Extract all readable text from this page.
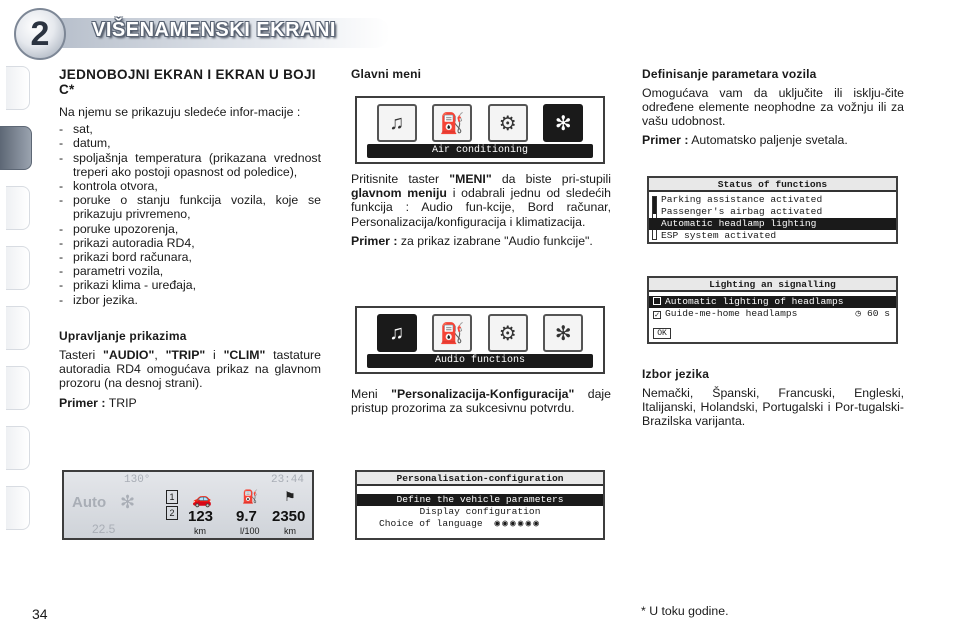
2	VIŠENAMENSKI EKRANI
JEDNOBOJNI EKRAN I EKRAN U BOJI C*
Na njemu se prikazuju sledeće infor-macije :
- sat,
- datum,
- spoljašnja temperatura (prikazana vrednost treperi ako postoji opasnost od poledice),
- kontrola otvora,
- poruke o stanju funkcija vozila, koje se prikazuju privremeno,
- poruke upozorenja,
- prikazi autoradia RD4,
- prikazi bord računara,
- parametri vozila,
- prikazi klima - uređaja,
- izbor jezika.
Upravljanje prikazima
Tasteri "AUDIO", "TRIP" i "CLIM" tastature autoradia RD4 omogućava prikaz na glavnom prozoru (na desnoj strani).
Primer : TRIP
130°
Auto ✻
22.5
23:44
1
2
🚗 ⛽ ⚑
123 9.7 2350
km	l/100	km
Glavni meni
♫	⛽	⚙	✻
Air conditioning
Pritisnite taster "MENI" da biste pri-stupili glavnom meniju i odabrali jednu od sledećih funkcija : Audio fun-kcije, Bord računar, Personalizacija/konfiguracija i klimatizacija.
Primer : za prikaz izabrane "Audio funkcije".
♫	⛽	⚙	✻
Audio functions
Meni "Personalizacija-Konfiguracija" daje pristup prozorima za sukcesivnu potvrdu.
Personalisation-configuration
Define the vehicle parameters
Display configuration
Choice of language ◉◉◉◉◉◉
Definisanje parametara vozila
Omogućava vam da uključite ili isklju-čite određene elemente neophodne za vožnju ili za vašu udobnost.
Primer : Automatsko paljenje svetala.
Status of functions
Parking assistance activated
Passenger's airbag activated
Automatic headlamp lighting
ESP system activated
Lighting an signalling
Automatic lighting of headlamps
✓ Guide-me-home headlamps	◷ 60 s
OK
Izbor jezika
Nemački, Španski, Francuski, Engleski, Italijanski, Holandski, Portugalski i Por-tugalski-Brazilska varijanta.
34	* U toku godine.
